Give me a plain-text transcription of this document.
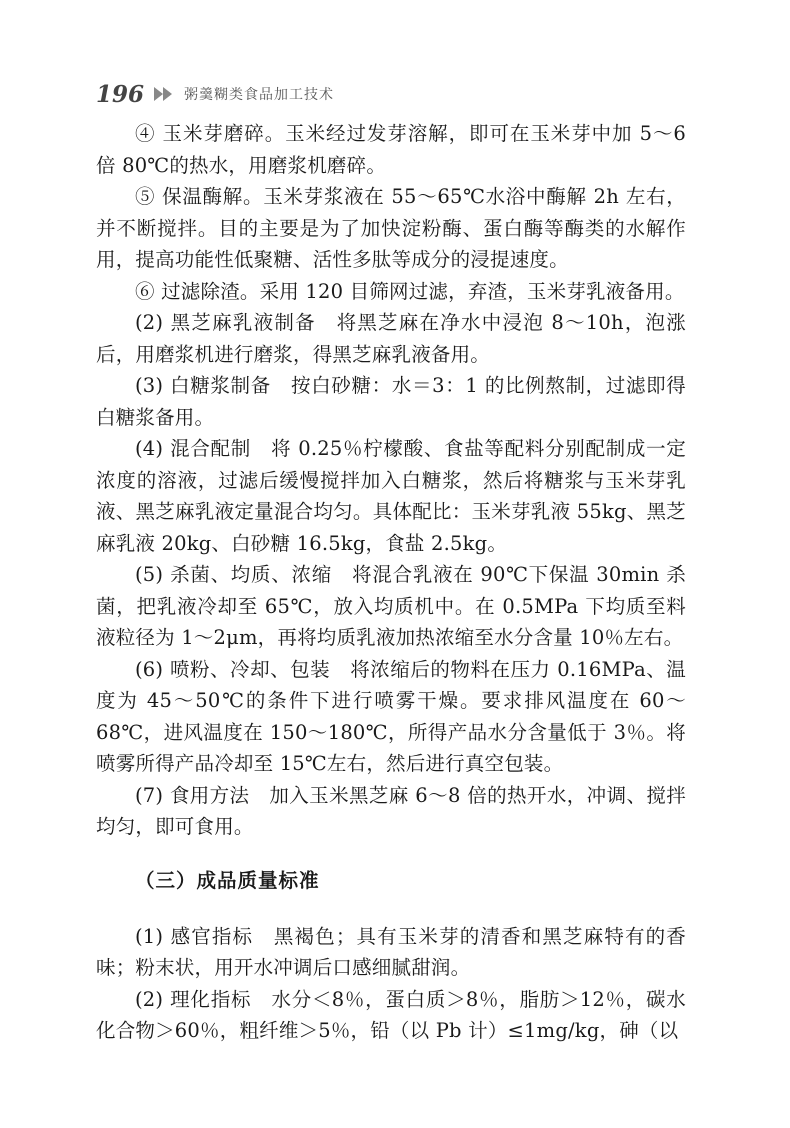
196	粥羹糊类食品加工技术

④ 玉米芽磨碎。玉米经过发芽溶解，即可在玉米芽中加 5～6 倍 80℃的热水，用磨浆机磨碎。

⑤ 保温酶解。玉米芽浆液在 55～65℃水浴中酶解 2h 左右，并不断搅拌。目的主要是为了加快淀粉酶、蛋白酶等酶类的水解作用，提高功能性低聚糖、活性多肽等成分的浸提速度。

⑥ 过滤除渣。采用 120 目筛网过滤，弃渣，玉米芽乳液备用。

(2) 黑芝麻乳液制备　将黑芝麻在净水中浸泡 8～10h，泡涨后，用磨浆机进行磨浆，得黑芝麻乳液备用。

(3) 白糖浆制备　按白砂糖：水＝3：1 的比例熬制，过滤即得白糖浆备用。

(4) 混合配制　将 0.25％柠檬酸、食盐等配料分别配制成一定浓度的溶液，过滤后缓慢搅拌加入白糖浆，然后将糖浆与玉米芽乳液、黑芝麻乳液定量混合均匀。具体配比：玉米芽乳液 55kg、黑芝麻乳液 20kg、白砂糖 16.5kg，食盐 2.5kg。

(5) 杀菌、均质、浓缩　将混合乳液在 90℃下保温 30min 杀菌，把乳液冷却至 65℃，放入均质机中。在 0.5MPa 下均质至料液粒径为 1～2μm，再将均质乳液加热浓缩至水分含量 10％左右。

(6) 喷粉、冷却、包装　将浓缩后的物料在压力 0.16MPa、温度为 45～50℃的条件下进行喷雾干燥。要求排风温度在 60～68℃，进风温度在 150～180℃，所得产品水分含量低于 3％。将喷雾所得产品冷却至 15℃左右，然后进行真空包装。

(7) 食用方法　加入玉米黑芝麻 6～8 倍的热开水，冲调、搅拌均匀，即可食用。

（三）成品质量标准

(1) 感官指标　黑褐色；具有玉米芽的清香和黑芝麻特有的香味；粉末状，用开水冲调后口感细腻甜润。

(2) 理化指标　水分＜8％，蛋白质＞8％，脂肪＞12％，碳水化合物＞60％，粗纤维＞5％，铅（以 Pb 计）≤1mg/kg，砷（以
